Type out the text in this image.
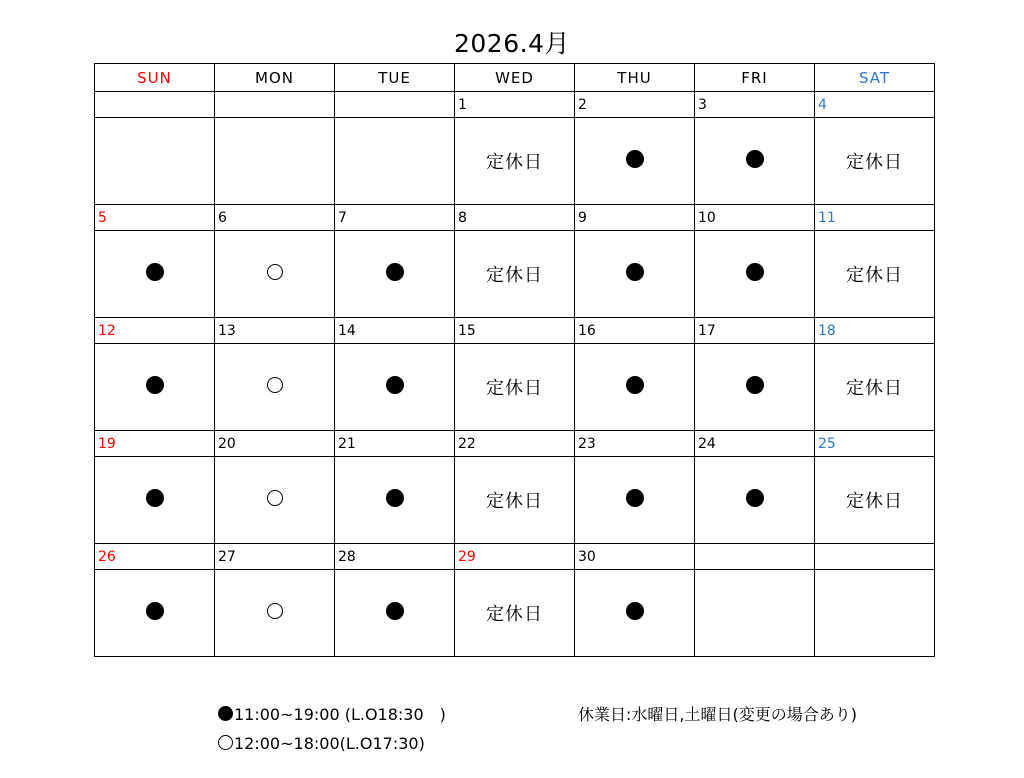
2026.4月
SUN	MON	TUE	WED	THU	FRI	SAT
			1	2	3	4
			定休日			定休日
5	6	7	8	9	10	11
			定休日			定休日
12	13	14	15	16	17	18
			定休日			定休日
19	20	21	22	23	24	25
			定休日			定休日
26	27	28	29	30		
			定休日			
11:00~19:00 (L.O18:30　)
12:00~18:00(L.O17:30)
休業日:水曜日,土曜日(変更の場合あり)
